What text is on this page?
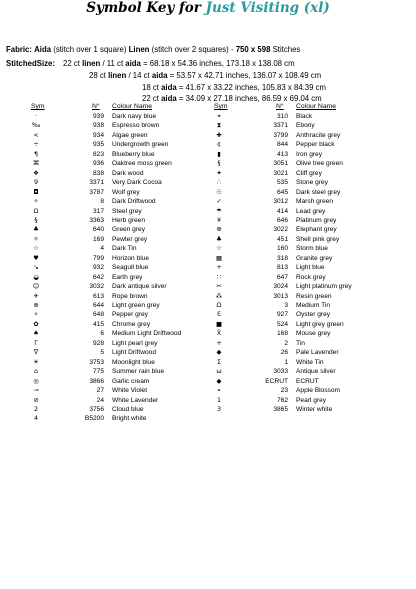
Symbol Key for Just Visiting (xl)
Fabric: Aida (stitch over 1 square) Linen (stitch over 2 squares) - 750 x 598 Stitches
StitchedSize: 22 ct linen / 11 ct aida = 68.18 x 54.36 inches, 173.18 x 138.08 cm
28 ct linen / 14 ct aida = 53.57 x 42.71 inches, 136.07 x 108.49 cm
18 ct aida = 41.67 x 33.22 inches, 105.83 x 84.39 cm
22 ct aida = 34.09 x 27.18 inches, 86.59 x 69.04 cm
Sym	N° Colour Name	Sym	N° Colour Name
·	939 Dark navy blue	⌖	310 Black
‰	938 Espresso brown	⧗	3371 Ebony
<	934 Algae green	✚	3799 Anthracite grey
÷	935 Undergrowth green	¢	844 Pepper black
¶	823 Blueberry blue	▮	413 Iron grey
⌘	936 Oaktree moss green	§	3051 Olive tree green
❖	838 Dark wood	✦	3021 Cliff grey
9	3371 Very Dark Cocoa	∴	535 Stone grey
◘	3787 Wolf grey	☉	645 Dark steel grey
✧	8 Dark Driftwood	✓	3012 Marsh green
Ω	317 Steel grey	☂	414 Lead grey
§	3363 Herb green	¥	646 Platinum grey
♣	640 Green grey	⊕	3022 Elephant grey
☼	169 Pewter grey	♣	451 Shell pink grey
☆	4 Dark Tin	☆	160 Storm blue
♥	799 Horizon blue	▦	318 Granite grey
↘	932 Seagull blue	+	813 Light blue
◒	642 Earth grey	∷	647 Rock grey
☺	3032 Dark antique silver	✂	3024 Light platinum grey
✈	613 Rope brown	⁂	3013 Resin green
⊕	644 Light green grey	Ω	3 Medium Tin
⚬	648 Pepper grey	Ɛ	927 Oyster grey
✿	415 Chrome grey	■	524 Light grey green
♠	6 Medium Light Driftwood	Ẍ	168 Mouse grey
Γ	928 Light pearl grey	+	2 Tin
∇	5 Light Driftwood	◆	26 Pale Lavender
☀	3753 Moonlight blue	Σ	1 White Tin
⌂	775 Summer rain blue	ω	3033 Antique silver
◎	3866 Garlic cream	◆	ECRUT ECRUT
⊸	27 White Violet	∙	23 Apple Blossom
⊘	24 White Lavender	1	762 Pearl grey
2	3756 Cloud blue	3	3865 Winter white
4	B5200 Bright white
